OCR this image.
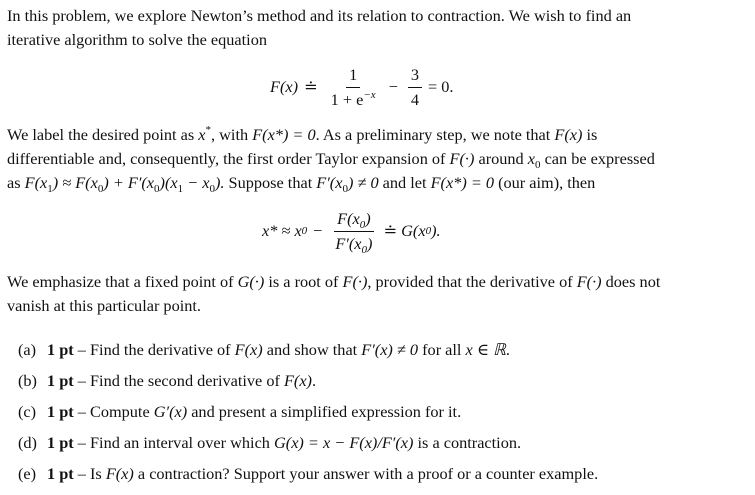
In this problem, we explore Newton’s method and its relation to contraction. We wish to find an
iterative algorithm to solve the equation

F(x) ≐ $\frac{1}{1 + e^{-x}} - \frac{3}{4} = 0$.

We label the desired point as x*, with F(x*) = 0. As a preliminary step, we note that F(x) is
differentiable and, consequently, the first order Taylor expansion of F(·) around $x_0$ can be expressed
as $F(x_1) \approx F(x_0) + F'(x_0)(x_1 - x_0)$. Suppose that $F'(x_0) \ne 0$ and let F(x*) = 0 (our aim), then

x* ≈ x $0 - \frac{F(x_0)}{F'(x_0)}$ ≐ G(x 0 ).

We emphasize that a fixed point of G(·) is a root of F(·), provided that the derivative of F(·) does not
vanish at this particular point.

(a) 1 pt – Find the derivative of F(x) and show that F′(x) ≠ 0 for all x ∈ ℝ.
(b) 1 pt – Find the second derivative of F(x).
(c) 1 pt – Compute G′(x) and present a simplified expression for it.
(d) 1 pt – Find an interval over which G(x) = x − F(x)/F′(x) is a contraction.
(e) 1 pt – Is F(x) a contraction? Support your answer with a proof or a counter example.
